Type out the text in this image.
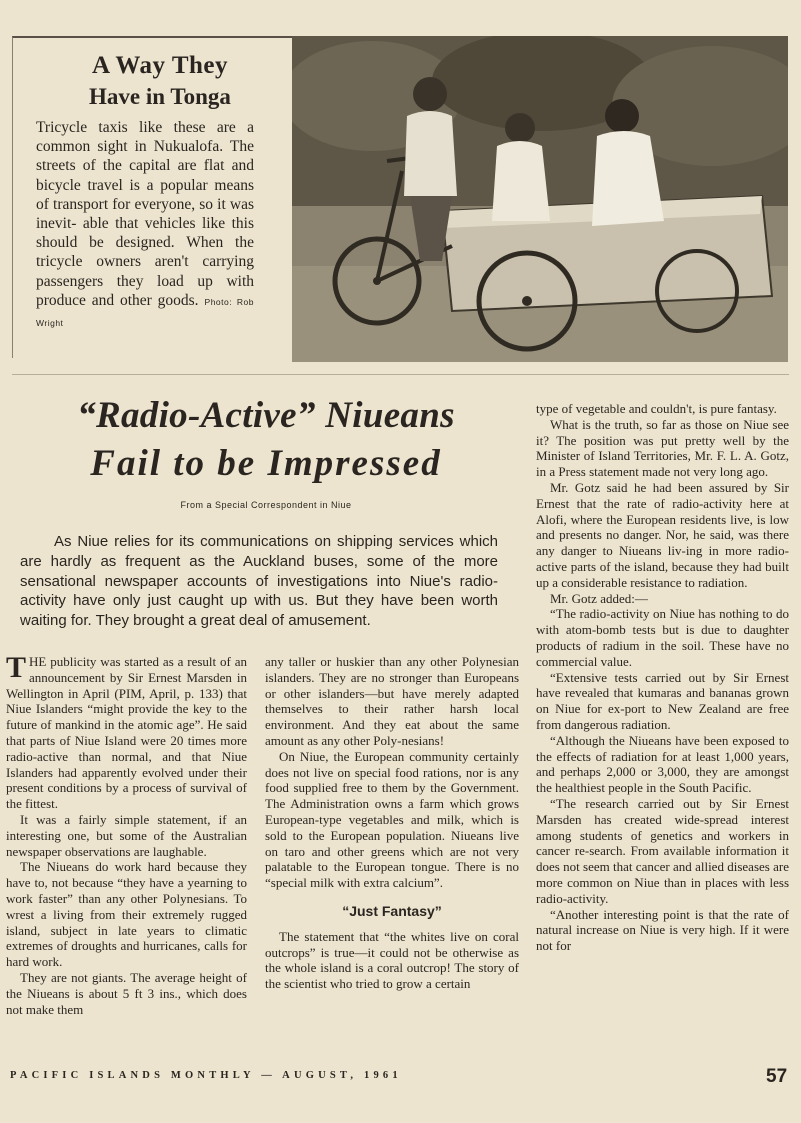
A Way They
Have in Tonga
Tricycle taxis like these are a common sight in Nukualofa. The streets of the capital are flat and bicycle travel is a popular means of transport for everyone, so it was inevit- able that vehicles like this should be designed. When the tricycle owners aren't carrying passengers they load up with produce and other goods. Photo: Rob Wright
“Radio-Active” Niueans
Fail to be Impressed
From a Special Correspondent in Niue

As Niue relies for its communications on shipping services which are hardly as frequent as the Auckland buses, some of the more sensational newspaper accounts of investigations into Niue's radio-activity have only just caught up with us. But they have been worth waiting for. They brought a great deal of amusement.

THE publicity was started as a result of an announcement by Sir Ernest Marsden in Wellington in April (PIM, April, p. 133) that Niue Islanders “might provide the key to the future of mankind in the atomic age”. He said that parts of Niue Island were 20 times more radio-active than normal, and that Niue Islanders had apparently evolved under their present conditions by a process of survival of the fittest.

It was a fairly simple statement, if an interesting one, but some of the Australian newspaper observations are laughable.

The Niueans do work hard because they have to, not because “they have a yearning to work faster” than any other Polynesians. To wrest a living from their extremely rugged island, subject in late years to climatic extremes of droughts and hurricanes, calls for hard work.

They are not giants. The average height of the Niueans is about 5 ft 3 ins., which does not make them

any taller or huskier than any other Polynesian islanders. They are no stronger than Europeans or other islanders—but have merely adapted themselves to their rather harsh local environment. And they eat about the same amount as any other Poly-nesians!

On Niue, the European community certainly does not live on special food rations, nor is any food supplied free to them by the Government. The Administration owns a farm which grows European-type vegetables and milk, which is sold to the European population. Niueans live on taro and other greens which are not very palatable to the European tongue. There is no “special milk with extra calcium”.

“Just Fantasy”

The statement that “the whites live on coral outcrops” is true—it could not be otherwise as the whole island is a coral outcrop! The story of the scientist who tried to grow a certain

type of vegetable and couldn't, is pure fantasy.

What is the truth, so far as those on Niue see it? The position was put pretty well by the Minister of Island Territories, Mr. F. L. A. Gotz, in a Press statement made not very long ago.

Mr. Gotz said he had been assured by Sir Ernest that the rate of radio-activity here at Alofi, where the European residents live, is low and presents no danger. Nor, he said, was there any danger to Niueans liv-ing in more radio-active parts of the island, because they had built up a considerable resistance to radiation.

Mr. Gotz added:—

“The radio-activity on Niue has nothing to do with atom-bomb tests but is due to daughter products of radium in the soil. These have no commercial value.

“Extensive tests carried out by Sir Ernest have revealed that kumaras and bananas grown on Niue for ex-port to New Zealand are free from dangerous radiation.

“Although the Niueans have been exposed to the effects of radiation for at least 1,000 years, and perhaps 2,000 or 3,000, they are amongst the healthiest people in the South Pacific.

“The research carried out by Sir Ernest Marsden has created wide-spread interest among students of genetics and workers in cancer re-search. From available information it does not seem that cancer and allied diseases are more common on Niue than in places with less radio-activity.

“Another interesting point is that the rate of natural increase on Niue is very high. If it were not for

PACIFIC ISLANDS MONTHLY — AUGUST, 1961	57
